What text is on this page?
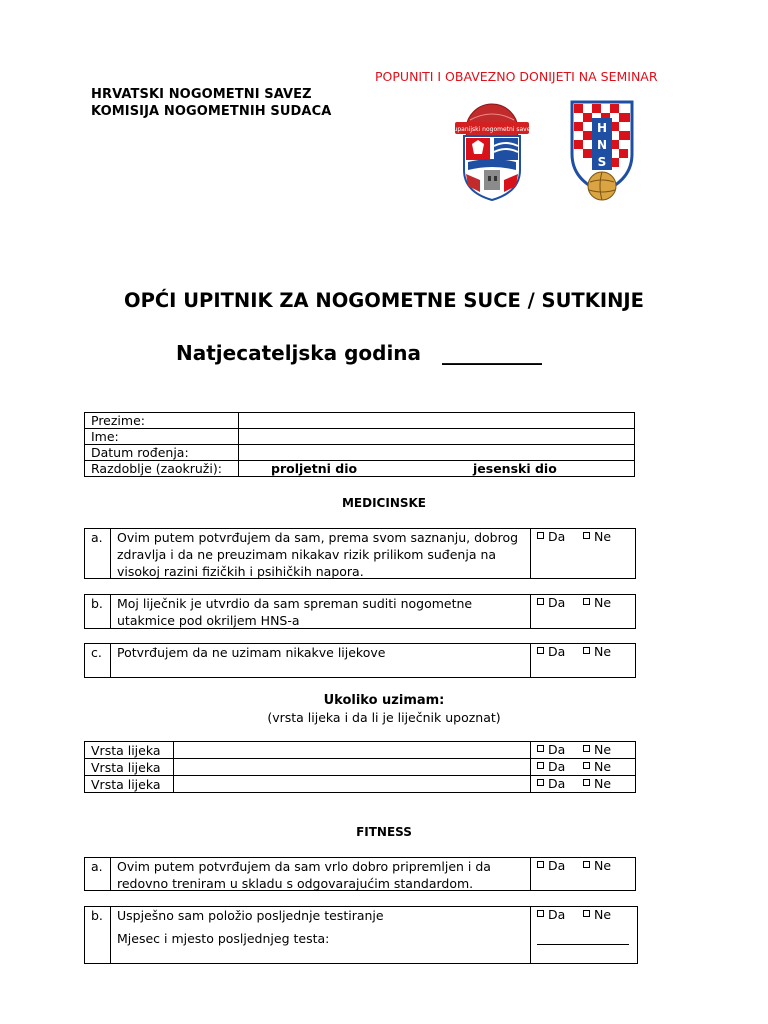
HRVATSKI NOGOMETNI SAVEZ
KOMISIJA NOGOMETNIH SUDACA
POPUNITI I OBAVEZNO DONIJETI NA SEMINAR
županijski nogometni savez	H
N
S
OPĆI UPITNIK ZA NOGOMETNE SUCE / SUTKINJE
Natjecateljska godina __________
Prezime:	
Ime:	
Datum rođenja:	
Razdoblje (zaokruži):	proljetni dio jesenski dio
MEDICINSKE
a. Ovim putem potvrđujem da sam, prema svom saznanju, dobrog
zdravlja i da ne preuzimam nikakav rizik prilikom suđenja na
visokoj razini fizičkih i psihičkih napora.
Da	Ne
b. Moj liječnik je utvrdio da sam spreman suditi nogometne
utakmice pod okriljem HNS-a
Da	Ne
c. Potvrđujem da ne uzimam nikakve lijekove	Da	Ne
Ukoliko uzimam:
(vrsta lijeka i da li je liječnik upoznat)
Vrsta lijeka	Da	Ne
Vrsta lijeka	Da	Ne
Vrsta lijeka	Da	Ne
FITNESS
a. Ovim putem potvrđujem da sam vrlo dobro pripremljen i da
redovno treniram u skladu s odgovarajućim standardom.
Da	Ne
b. Uspješno sam položio posljednje testiranje
Mjesec i mjesto posljednjeg testa:
Da	Ne
